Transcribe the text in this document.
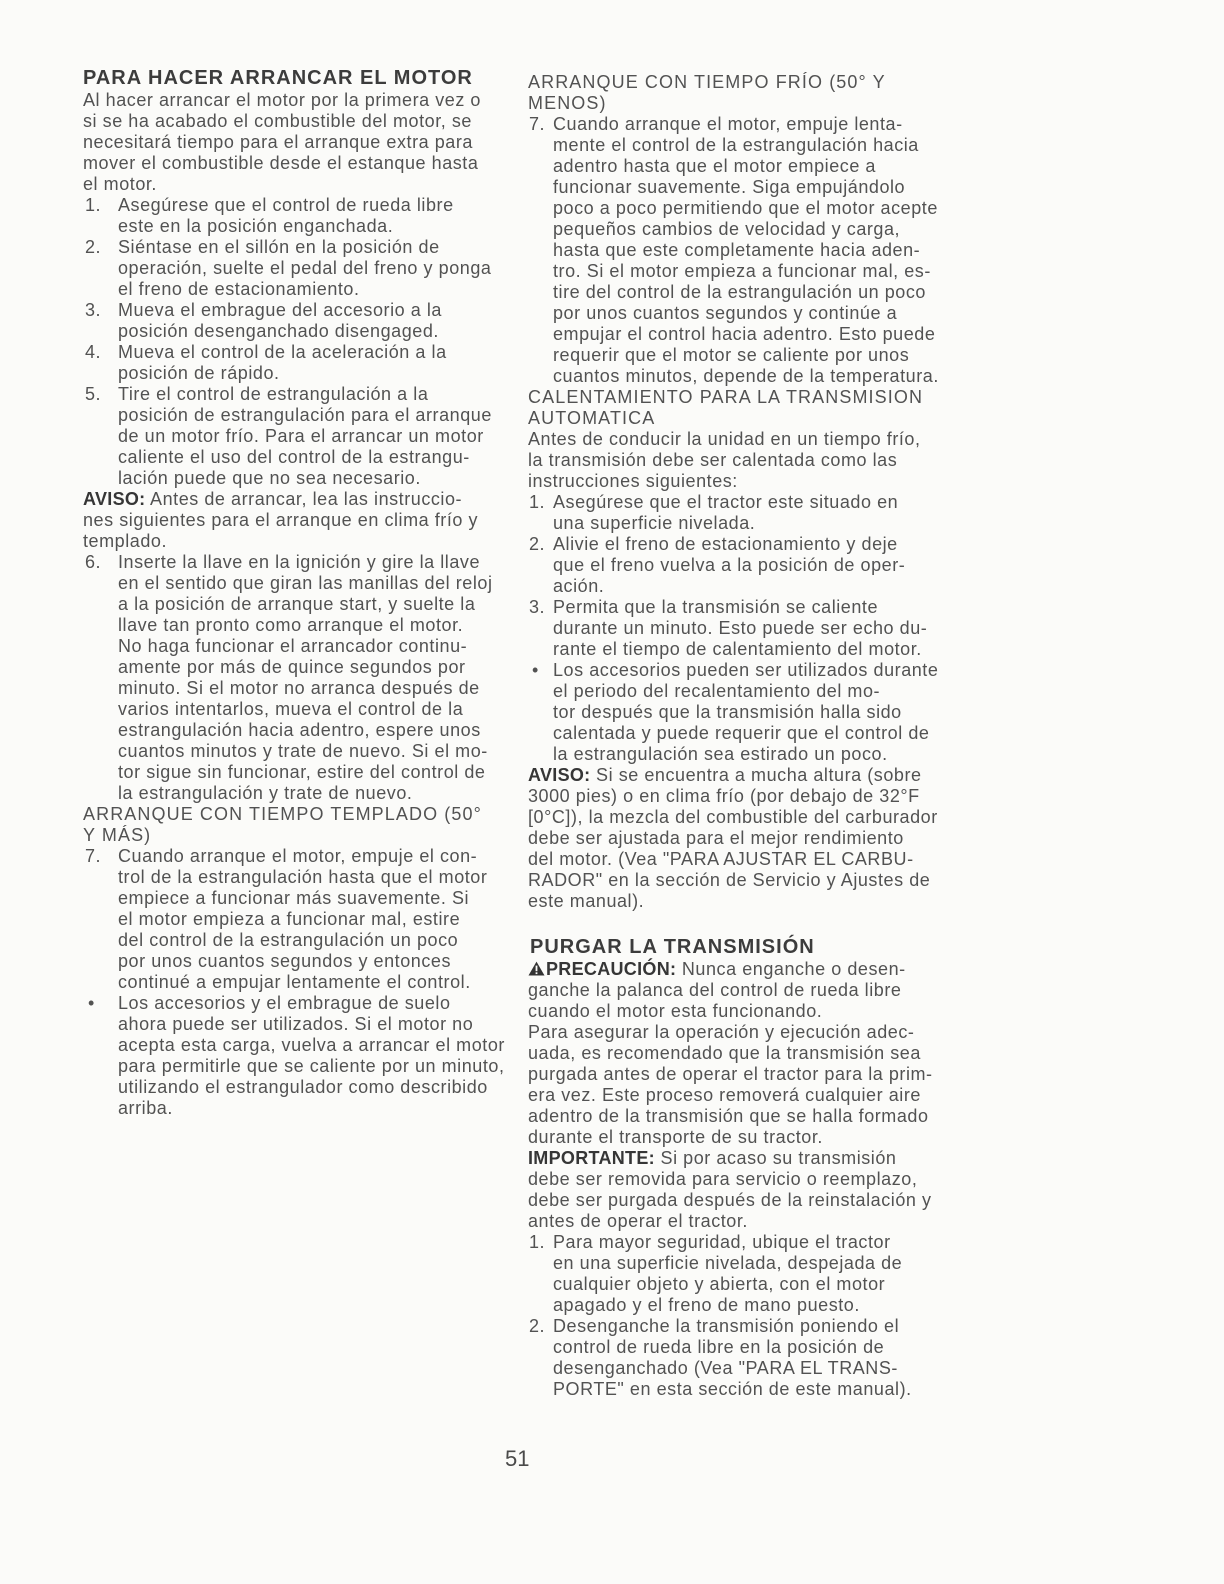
PARA HACER ARRANCAR EL MOTOR
Al hacer arrancar el motor por la primera vez o
si se ha acabado el combustible del motor, se
necesitará tiempo para el arranque extra para
mover el combustible desde el estanque hasta
el motor.
1. Asegúrese que el control de rueda libre
este en la posición enganchada.
2. Siéntase en el sillón en la posición de
operación, suelte el pedal del freno y ponga
el freno de estacionamiento.
3. Mueva el embrague del accesorio a la
posición desenganchado disengaged.
4. Mueva el control de la aceleración a la
posición de rápido.
5. Tire el control de estrangulación a la
posición de estrangulación para el arranque
de un motor frío. Para el arrancar un motor
caliente el uso del control de la estrangu-
lación puede que no sea necesario.
AVISO: Antes de arrancar, lea las instruccio-
nes siguientes para el arranque en clima frío y
templado.
6. Inserte la llave en la ignición y gire la llave
en el sentido que giran las manillas del reloj
a la posición de arranque start, y suelte la
llave tan pronto como arranque el motor.
No haga funcionar el arrancador continu-
amente por más de quince segundos por
minuto. Si el motor no arranca después de
varios intentarlos, mueva el control de la
estrangulación hacia adentro, espere unos
cuantos minutos y trate de nuevo. Si el mo-
tor sigue sin funcionar, estire del control de
la estrangulación y trate de nuevo.
ARRANQUE CON TIEMPO TEMPLADO (50°
Y MÁS)
7. Cuando arranque el motor, empuje el con-
trol de la estrangulación hasta que el motor
empiece a funcionar más suavemente. Si
el motor empieza a funcionar mal, estire
del control de la estrangulación un poco
por unos cuantos segundos y entonces
continué a empujar lentamente el control.
• Los accesorios y el embrague de suelo
ahora puede ser utilizados. Si el motor no
acepta esta carga, vuelva a arrancar el motor
para permitirle que se caliente por un minuto,
utilizando el estrangulador como describido
arriba.
ARRANQUE CON TIEMPO FRÍO (50° Y
MENOS)
7. Cuando arranque el motor, empuje lenta-
mente el control de la estrangulación hacia
adentro hasta que el motor empiece a
funcionar suavemente. Siga empujándolo
poco a poco permitiendo que el motor acepte
pequeños cambios de velocidad y carga,
hasta que este completamente hacia aden-
tro. Si el motor empieza a funcionar mal, es-
tire del control de la estrangulación un poco
por unos cuantos segundos y continúe a
empujar el control hacia adentro. Esto puede
requerir que el motor se caliente por unos
cuantos minutos, depende de la temperatura.
CALENTAMIENTO PARA LA TRANSMISION
AUTOMATICA
Antes de conducir la unidad en un tiempo frío,
la transmisión debe ser calentada como las
instrucciones siguientes:
1. Asegúrese que el tractor este situado en
una superficie nivelada.
2. Alivie el freno de estacionamiento y deje
que el freno vuelva a la posición de oper-
ación.
3. Permita que la transmisión se caliente
durante un minuto. Esto puede ser echo du-
rante el tiempo de calentamiento del motor.
• Los accesorios pueden ser utilizados durante
el periodo del recalentamiento del mo-
tor después que la transmisión halla sido
calentada y puede requerir que el control de
la estrangulación sea estirado un poco.
AVISO: Si se encuentra a mucha altura (sobre
3000 pies) o en clima frío (por debajo de 32°F
[0°C]), la mezcla del combustible del carburador
debe ser ajustada para el mejor rendimiento
del motor. (Vea "PARA AJUSTAR EL CARBU-
RADOR" en la sección de Servicio y Ajustes de
este manual).
PURGAR LA TRANSMISIÓN
PRECAUCIÓN: Nunca enganche o desen-
ganche la palanca del control de rueda libre
cuando el motor esta funcionando.
Para asegurar la operación y ejecución adec-
uada, es recomendado que la transmisión sea
purgada antes de operar el tractor para la prim-
era vez. Este proceso removerá cualquier aire
adentro de la transmisión que se halla formado
durante el transporte de su tractor.
IMPORTANTE: Si por acaso su transmisión
debe ser removida para servicio o reemplazo,
debe ser purgada después de la reinstalación y
antes de operar el tractor.
1. Para mayor seguridad, ubique el tractor
en una superficie nivelada, despejada de
cualquier objeto y abierta, con el motor
apagado y el freno de mano puesto.
2. Desenganche la transmisión poniendo el
control de rueda libre en la posición de
desenganchado (Vea "PARA EL TRANS-
PORTE" en esta sección de este manual).
51
